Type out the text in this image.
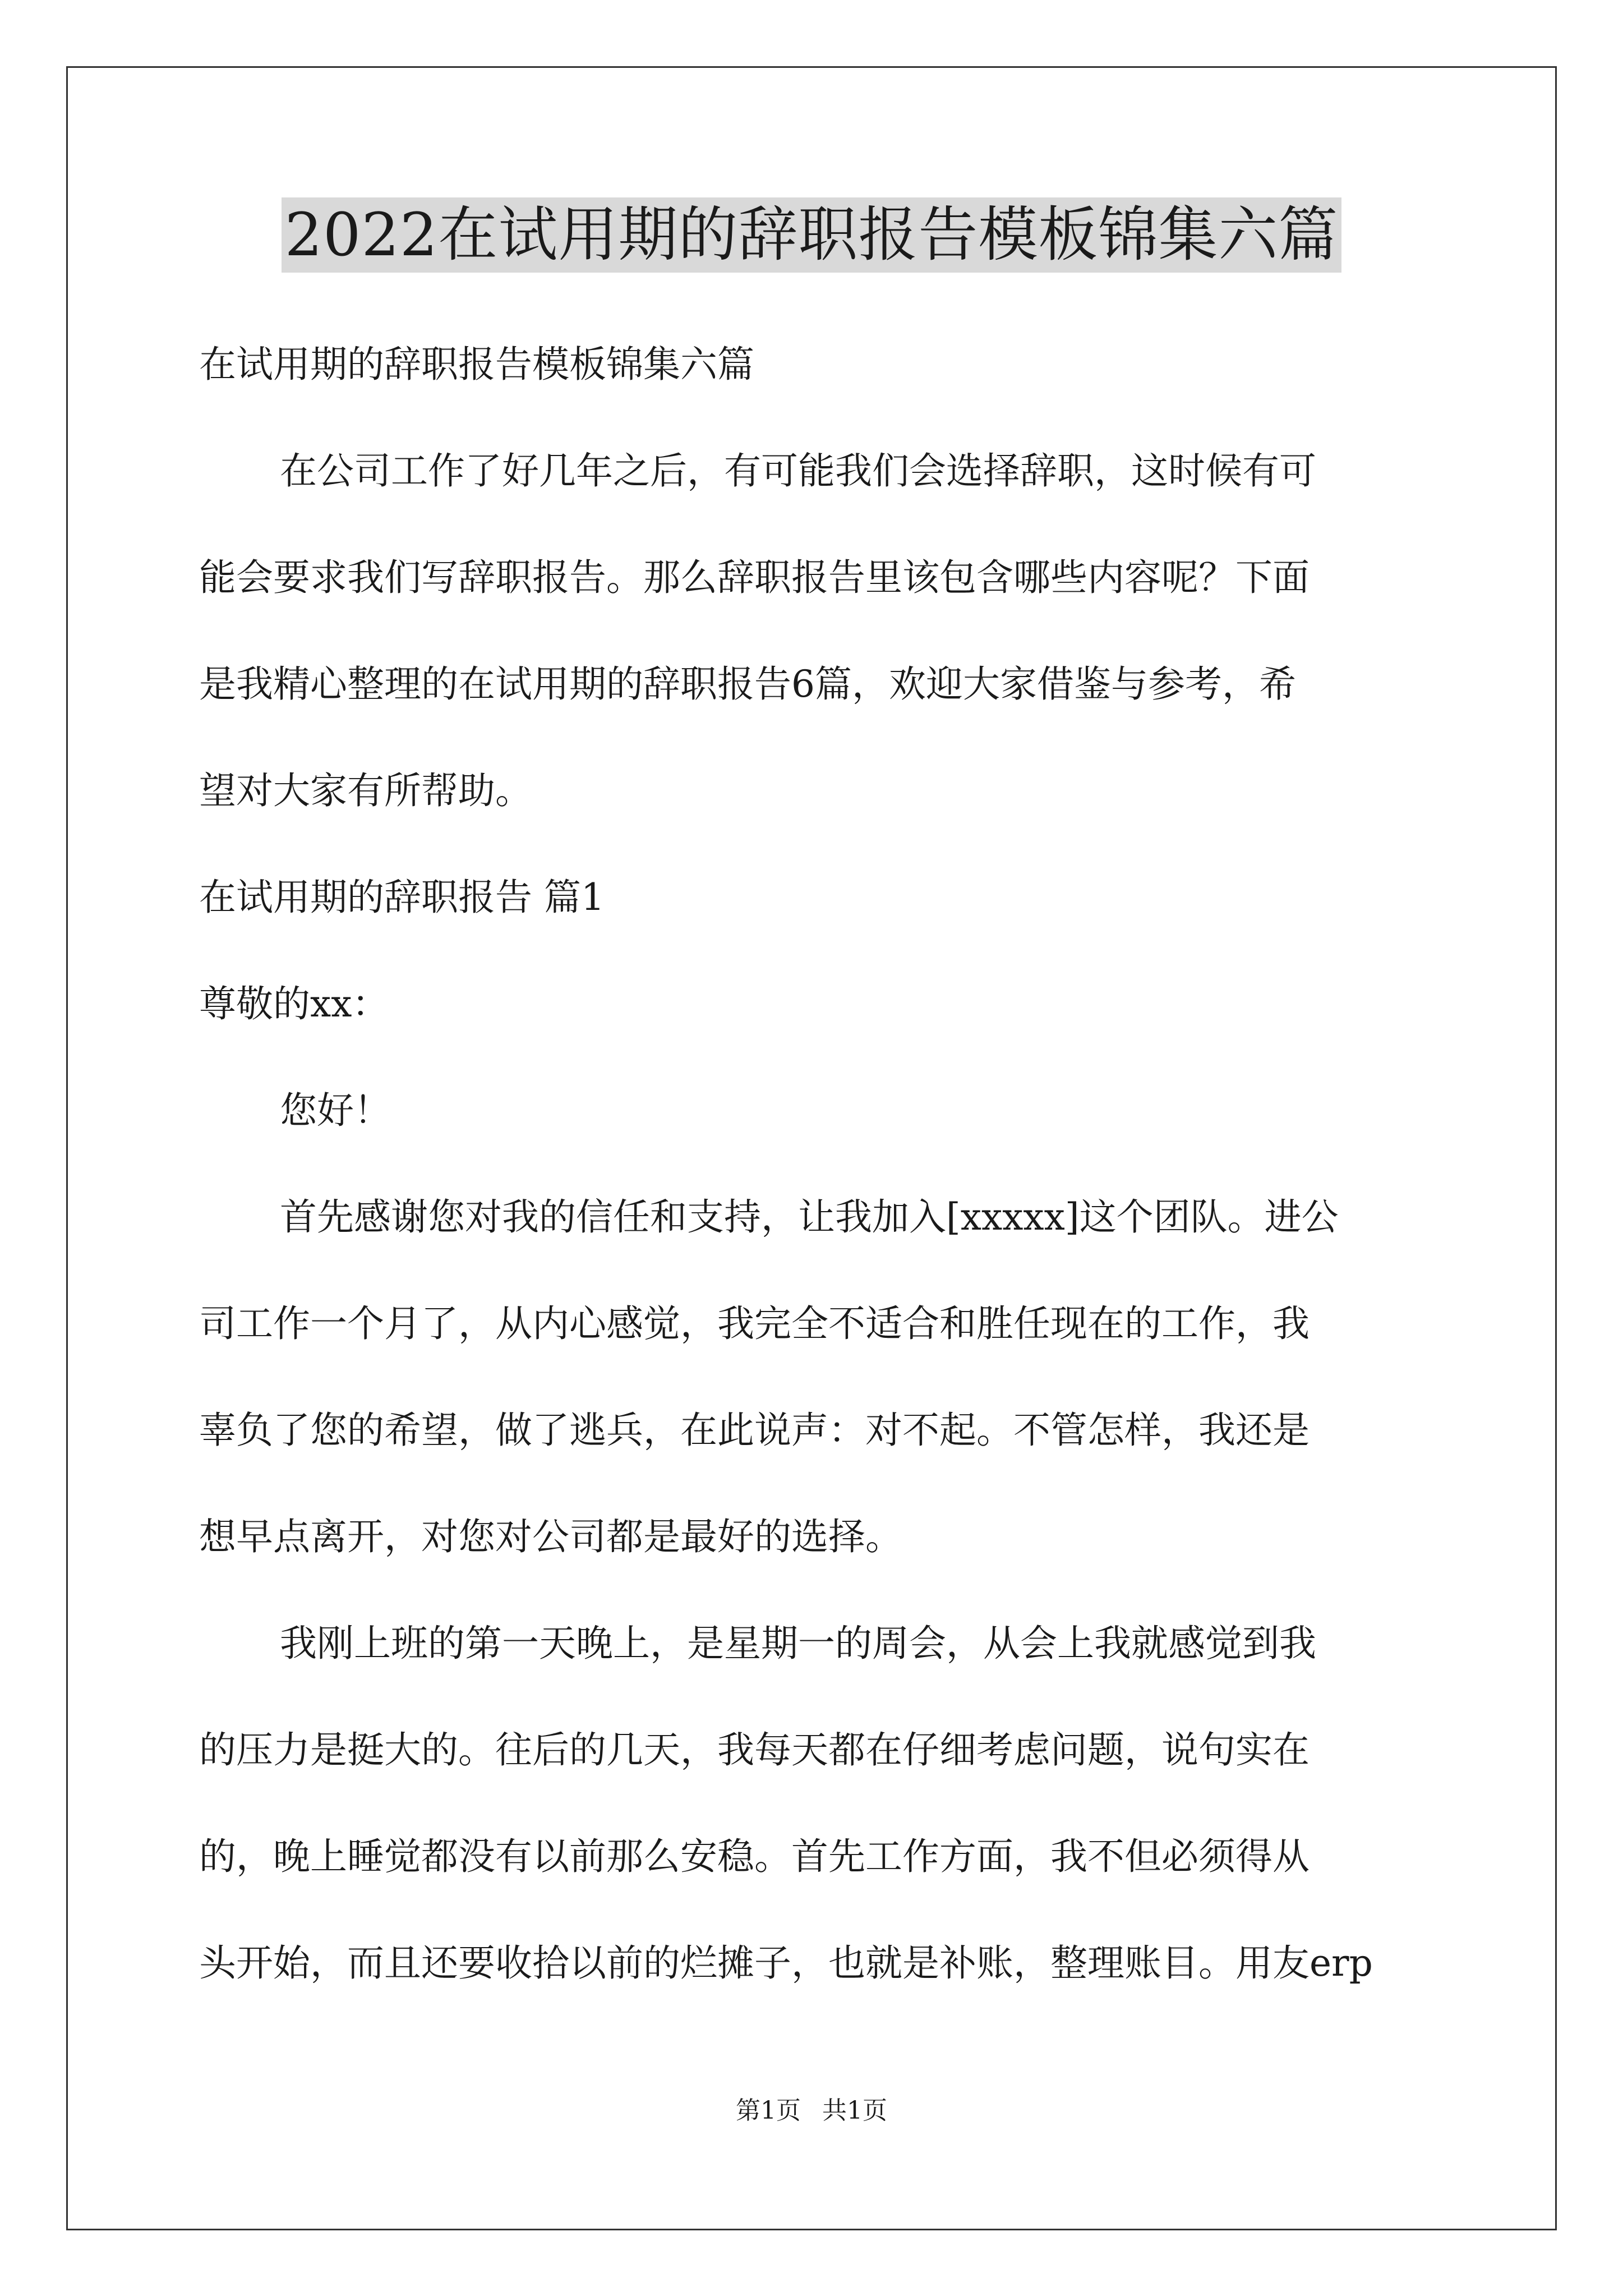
2022在试用期的辞职报告模板锦集六篇
在试用期的辞职报告模板锦集六篇
在公司工作了好几年之后，有可能我们会选择辞职，这时候有可
能会要求我们写辞职报告。那么辞职报告里该包含哪些内容呢？下面
是我精心整理的在试用期的辞职报告6篇，欢迎大家借鉴与参考，希
望对大家有所帮助。
在试用期的辞职报告 篇1
尊敬的xx：
您好！
首先感谢您对我的信任和支持，让我加入[xxxxx]这个团队。进公
司工作一个月了，从内心感觉，我完全不适合和胜任现在的工作，我
辜负了您的希望，做了逃兵，在此说声：对不起。不管怎样，我还是
想早点离开，对您对公司都是最好的选择。
我刚上班的第一天晚上，是星期一的周会，从会上我就感觉到我
的压力是挺大的。往后的几天，我每天都在仔细考虑问题，说句实在
的，晚上睡觉都没有以前那么安稳。首先工作方面，我不但必须得从
头开始，而且还要收拾以前的烂摊子，也就是补账，整理账目。用友erp
第1页 共1页
